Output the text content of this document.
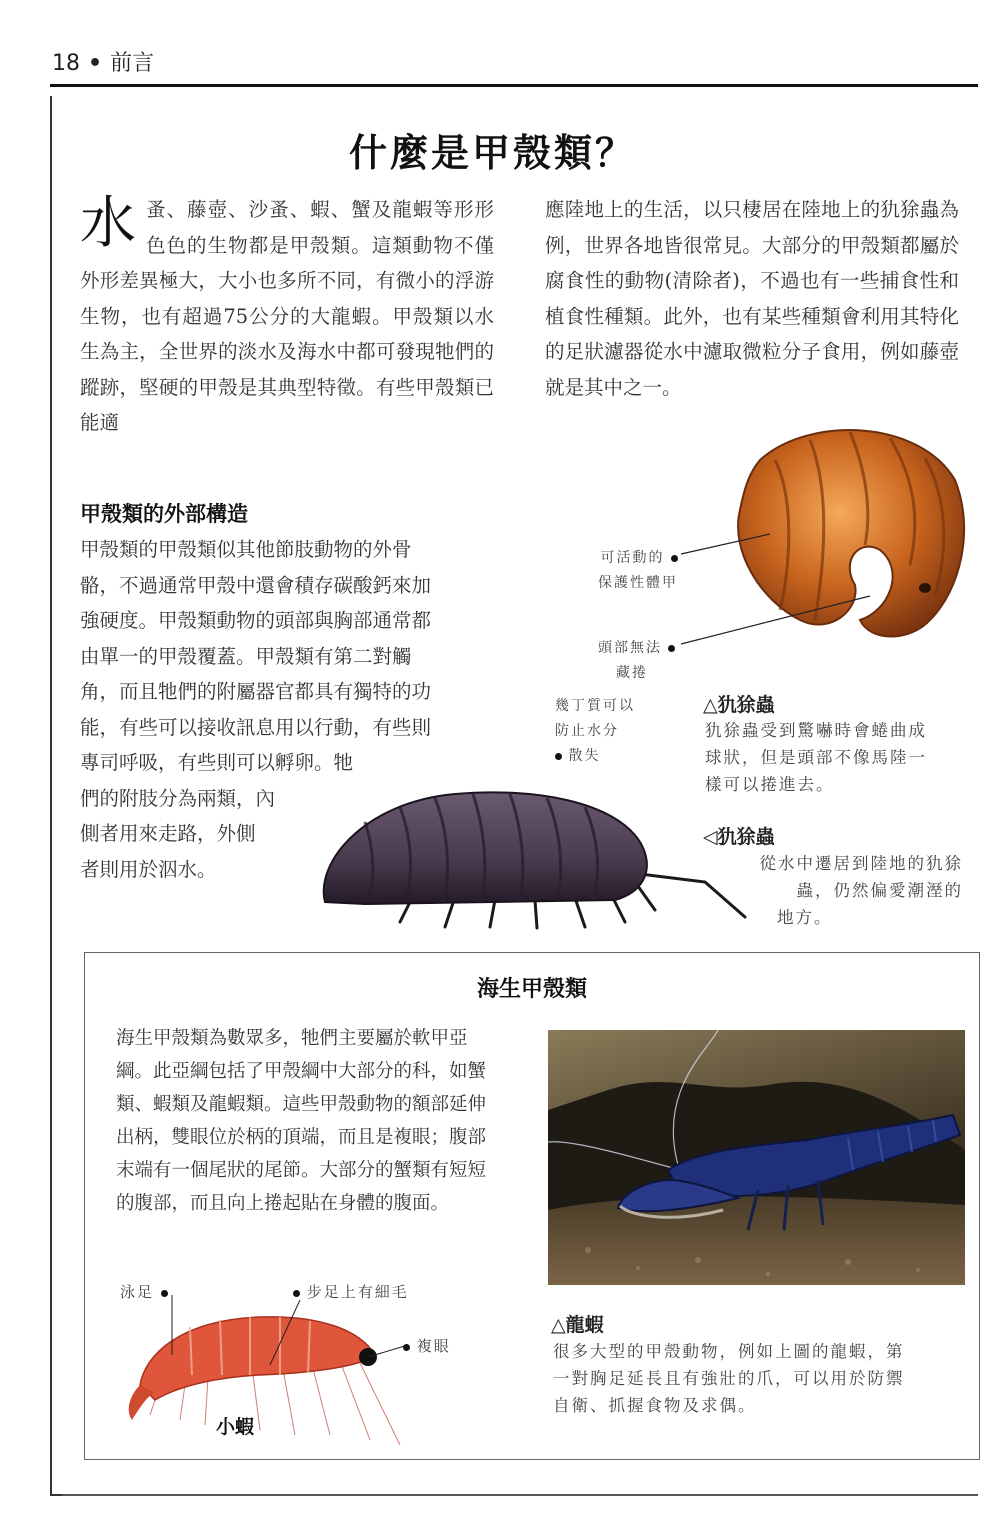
18 • 前言
什麼是甲殼類？
水蚤、藤壺、沙蚤、蝦、蟹及龍蝦等形形色色的生物都是甲殼類。這類動物不僅外形差異極大，大小也多所不同，有微小的浮游生物，也有超過75公分的大龍蝦。甲殼類以水生為主，全世界的淡水及海水中都可發現牠們的蹤跡，堅硬的甲殼是其典型特徵。有些甲殼類已能適
應陸地上的生活，以只棲居在陸地上的犰狳蟲為例，世界各地皆很常見。大部分的甲殼類都屬於腐食性的動物(清除者)，不過也有一些捕食性和植食性種類。此外，也有某些種類會利用其特化的足狀濾器從水中濾取微粒分子食用，例如藤壺就是其中之一。
甲殼類的外部構造
甲殼類的甲殼類似其他節肢動物的外骨
骼，不過通常甲殼中還會積存碳酸鈣來加
強硬度。甲殼類動物的頭部與胸部通常都
由單一的甲殼覆蓋。甲殼類有第二對觸
角，而且牠們的附屬器官都具有獨特的功
能，有些可以接收訊息用以行動，有些則
專司呼吸，有些則可以孵卵。牠
們的附肢分為兩類，內
側者用來走路，外側
者則用於泅水。
可活動的
保護性體甲
頭部無法
藏捲
幾丁質可以
防止水分
散失
△犰狳蟲
犰狳蟲受到驚嚇時會蜷曲成
球狀，但是頭部不像馬陸一
樣可以捲進去。
◁犰狳蟲
從水中遷居到陸地的犰狳
蟲，仍然偏愛潮溼的
地方。
海生甲殼類
海生甲殼類為數眾多，牠們主要屬於軟甲亞
綱。此亞綱包括了甲殼綱中大部分的科，如蟹
類、蝦類及龍蝦類。這些甲殼動物的額部延伸
出柄，雙眼位於柄的頂端，而且是複眼；腹部
末端有一個尾狀的尾節。大部分的蟹類有短短
的腹部，而且向上捲起貼在身體的腹面。
△龍蝦
很多大型的甲殼動物，例如上圖的龍蝦，第
一對胸足延長且有強壯的爪，可以用於防禦
自衛、抓握食物及求偶。
泳足	步足上有細毛
複眼
小蝦
